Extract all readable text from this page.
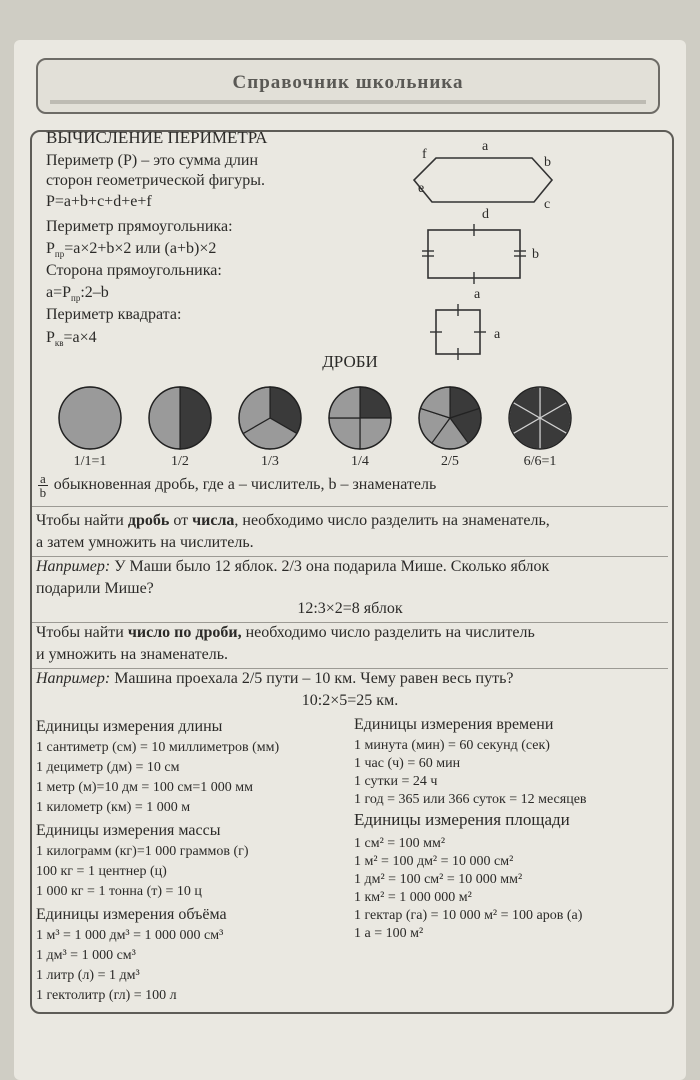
Справочник школьника
ВЫЧИСЛЕНИЕ ПЕРИМЕТРА
Периметр (Р) – это сумма длин
сторон геометрической фигуры.
P=a+b+c+d+e+f
Периметр прямоугольника:
$P_{пр}=a\times 2+b\times 2$ или (a+b)×2
Сторона прямоугольника:
$a=P_{пр}:2-b$
Периметр квадрата:
$P_{кв}=a\times 4$
a
b
c
d
e
f
b
a
a
ДРОБИ
1/1=1	1/2	1/3	1/4	2/5	6/6=1
$\frac{a}{b}$ обыкновенная дробь, где a – числитель, b – знаменатель
Чтобы найти дробь от числа, необходимо число разделить на знаменатель,
а затем умножить на числитель.
Например: У Маши было 12 яблок. 2/3 она подарила Мише. Сколько яблок
подарили Мише?
12:3×2=8 яблок
Чтобы найти число по дроби, необходимо число разделить на числитель
и умножить на знаменатель.
Например: Машина проехала 2/5 пути – 10 км. Чему равен весь путь?
10:2×5=25 км.
Единицы измерения длины
1 сантиметр (см) = 10 миллиметров (мм)
1 дециметр (дм) = 10 см
1 метр (м)=10 дм = 100 см=1 000 мм
1 километр (км) = 1 000 м
Единицы измерения массы
1 килограмм (кг)=1 000 граммов (г)
100 кг = 1 центнер (ц)
1 000 кг = 1 тонна (т) = 10 ц
Единицы измерения объёма
1 м³ = 1 000 дм³ = 1 000 000 см³
1 дм³ = 1 000 см³
1 литр (л) = 1 дм³
1 гектолитр (гл) = 100 л
Единицы измерения времени
1 минута (мин) = 60 секунд (сек)
1 час (ч) = 60 мин
1 сутки = 24 ч
1 год = 365 или 366 суток = 12 месяцев
Единицы измерения площади
1 см² = 100 мм²
1 м² = 100 дм² = 10 000 см²
1 дм² = 100 см² = 10 000 мм²
1 км² = 1 000 000 м²
1 гектар (га) = 10 000 м² = 100 аров (а)
1 а = 100 м²
